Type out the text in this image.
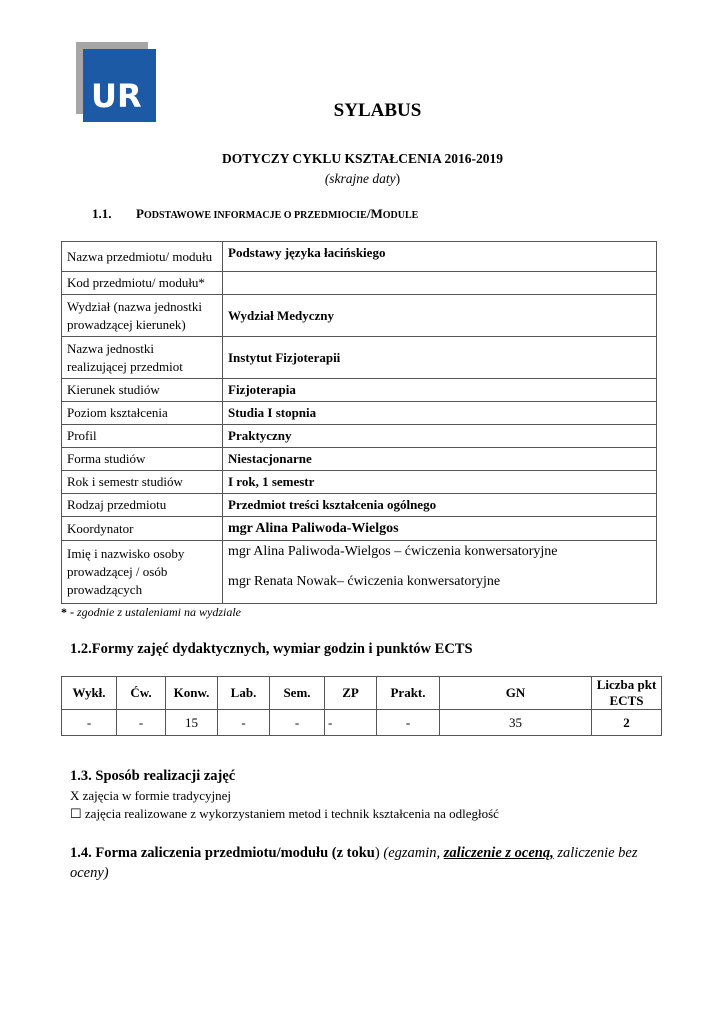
UR	SYLABUS
DOTYCZY CYKLU KSZTAŁCENIA 2016-2019
(skrajne daty)
1.1. PODSTAWOWE INFORMACJE O PRZEDMIOCIE/MODULE
Nazwa przedmiotu/ modułu	Podstawy języka łacińskiego
Kod przedmiotu/ modułu*	
Wydział (nazwa jednostki prowadzącej kierunek)	Wydział Medyczny
Nazwa jednostki realizującej przedmiot	Instytut Fizjoterapii
Kierunek studiów	Fizjoterapia
Poziom kształcenia	Studia I stopnia
Profil	Praktyczny
Forma studiów	Niestacjonarne
Rok i semestr studiów	I rok, 1 semestr
Rodzaj przedmiotu	Przedmiot treści kształcenia ogólnego
Koordynator	mgr Alina Paliwoda-Wielgos
Imię i nazwisko osoby prowadzącej / osób prowadzących	mgr Alina Paliwoda-Wielgos – ćwiczenia konwersatoryjne
mgr Renata Nowak– ćwiczenia konwersatoryjne
* - zgodnie z ustaleniami na wydziale
1.2.Formy zajęć dydaktycznych, wymiar godzin i punktów ECTS
Wykł.	Ćw.	Konw.	Lab.	Sem.	ZP	Prakt.	GN	Liczba pkt ECTS
-	-	15	-	-	-	-	35	2
1.3. Sposób realizacji zajęć
X zajęcia w formie tradycyjnej
☐ zajęcia realizowane z wykorzystaniem metod i technik kształcenia na odległość
1.4. Forma zaliczenia przedmiotu/modułu (z toku) (egzamin, zaliczenie z oceną, zaliczenie bez oceny)
